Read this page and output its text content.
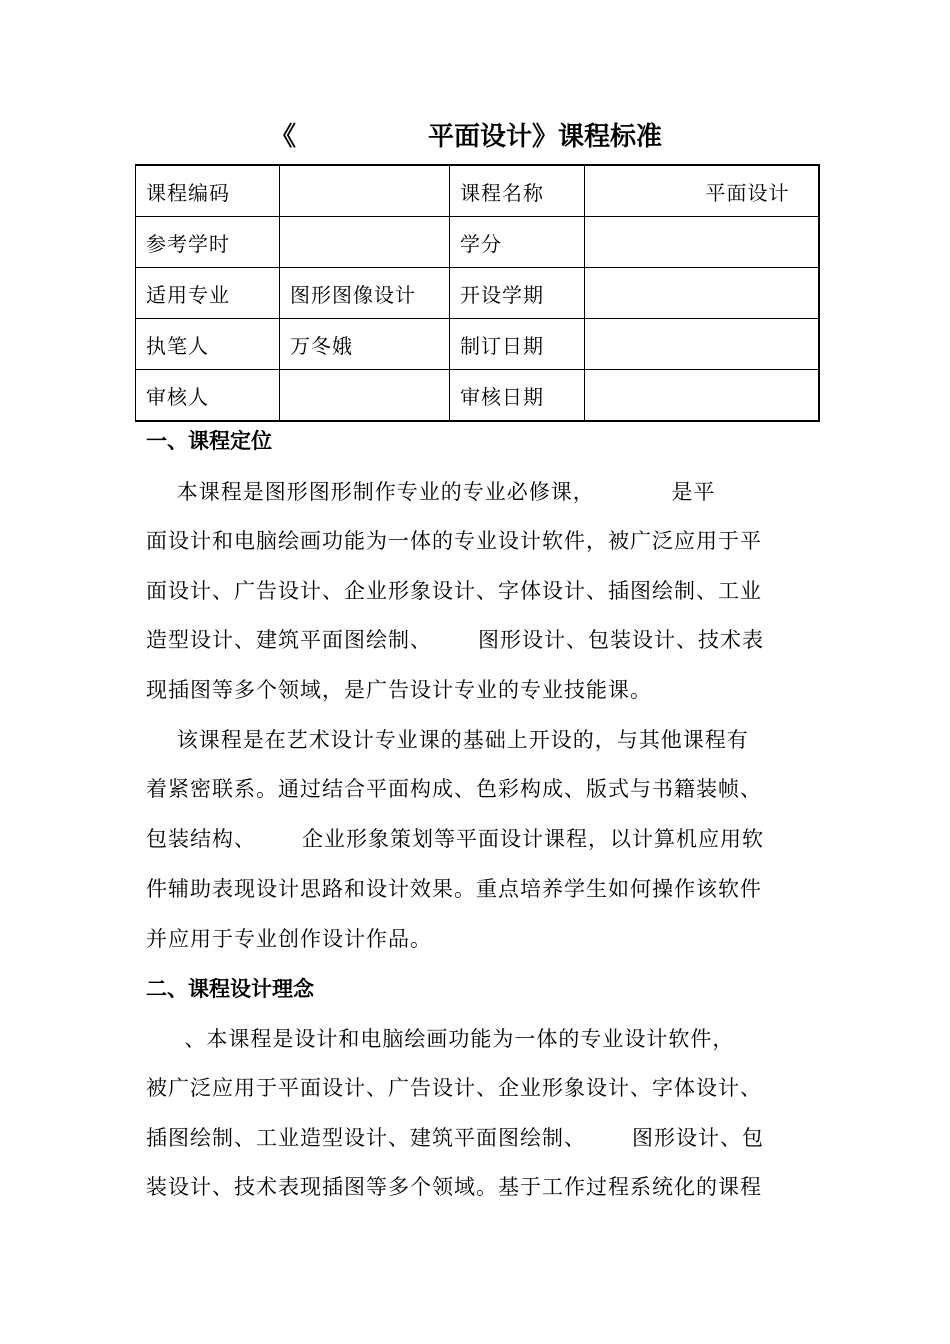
《	平面设计》课程标准
课程编码		课程名称	平面设计
参考学时		学分	
适用专业	图形图像设计	开设学期	
执笔人	万冬娥	制订日期	
审核人		审核日期	
一、课程定位
本课程是图形图形制作专业的专业必修课，          是平
面设计和电脑绘画功能为一体的专业设计软件，被广泛应用于平
面设计、广告设计、企业形象设计、字体设计、插图绘制、工业
造型设计、建筑平面图绘制、      图形设计、包装设计、技术表
现插图等多个领域，是广告设计专业的专业技能课。
该课程是在艺术设计专业课的基础上开设的，与其他课程有
着紧密联系。通过结合平面构成、色彩构成、版式与书籍装帧、
包装结构、      企业形象策划等平面设计课程，以计算机应用软
件辅助表现设计思路和设计效果。重点培养学生如何操作该软件
并应用于专业创作设计作品。
二、课程设计理念
、本课程是设计和电脑绘画功能为一体的专业设计软件，
被广泛应用于平面设计、广告设计、企业形象设计、字体设计、
插图绘制、工业造型设计、建筑平面图绘制、      图形设计、包
装设计、技术表现插图等多个领域。基于工作过程系统化的课程
